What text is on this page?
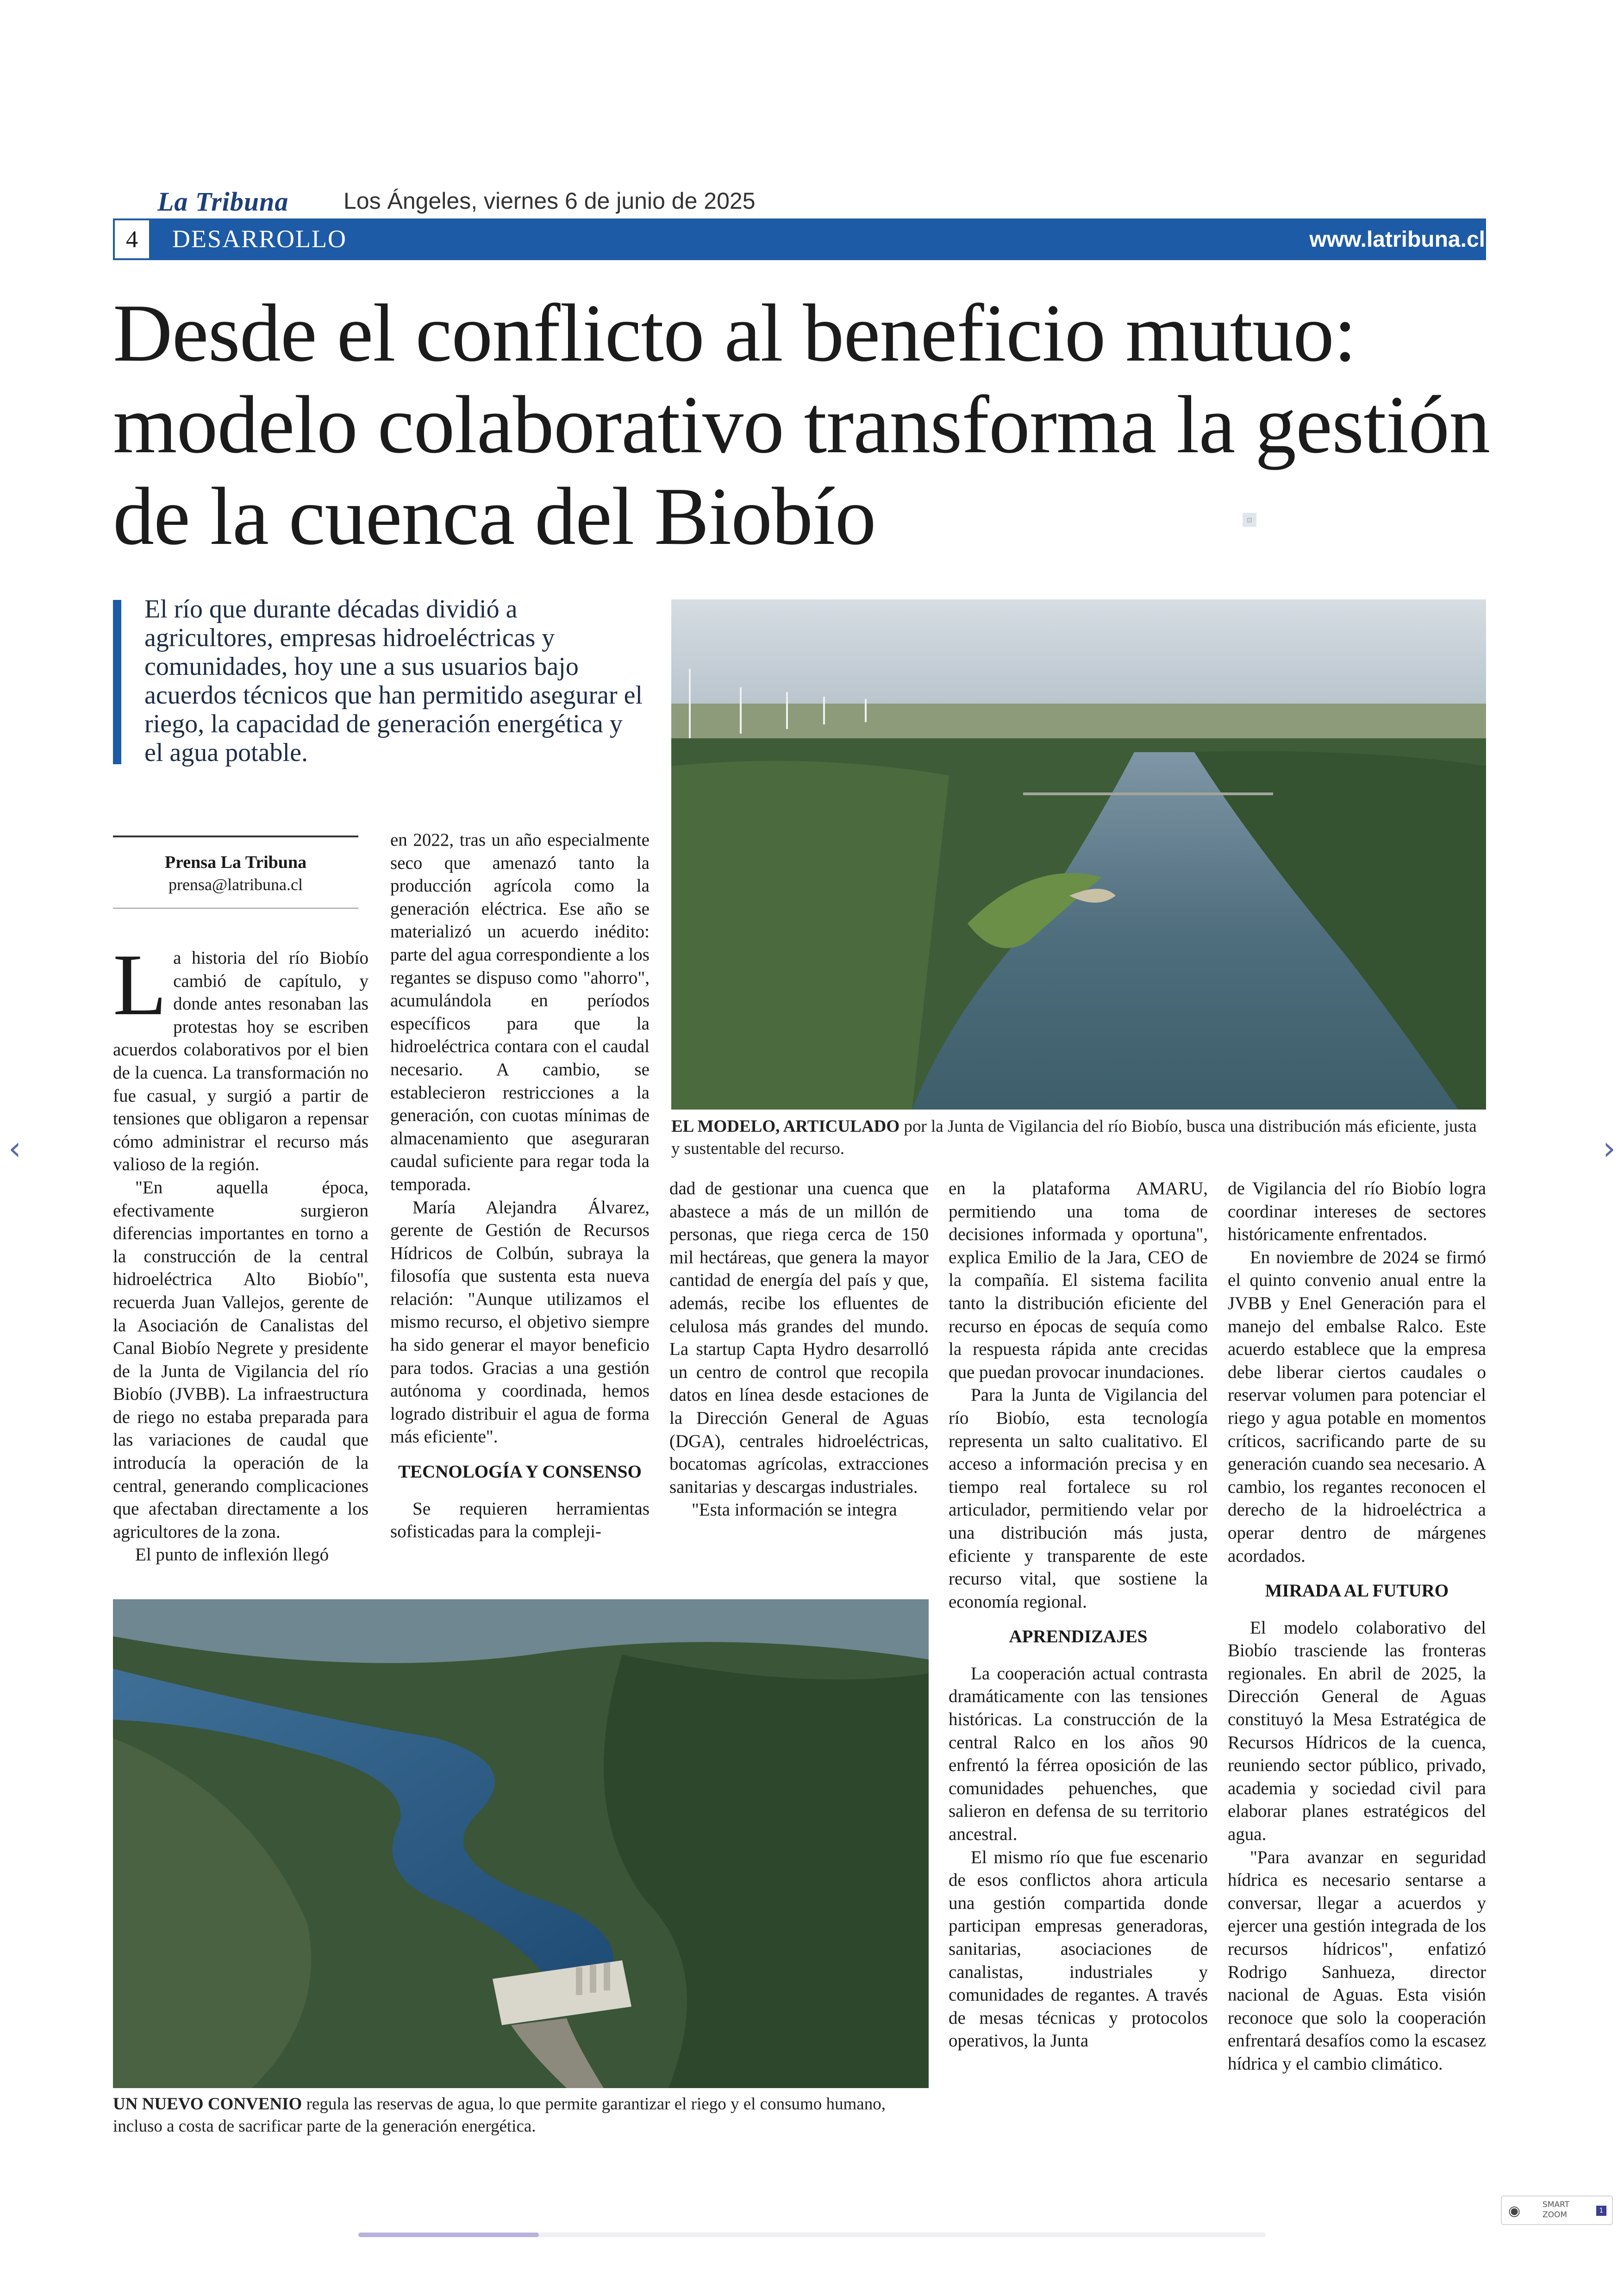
La Tribuna Los Ángeles, viernes 6 de junio de 2025
4	DESARROLLO	www.latribuna.cl
Desde el conflicto al beneficio mutuo: modelo colaborativo transforma la gestión de la cuenca del Biobío	⊡
El río que durante décadas dividió a agricultores, empresas hidroeléctricas y comunidades, hoy une a sus usuarios bajo acuerdos técnicos que han permitido asegurar el riego, la capacidad de generación energética y el agua potable.
EL MODELO, ARTICULADO por la Junta de Vigilancia del río Biobío, busca una distribución más eficiente, justa y sustentable del recurso.
Prensa La Tribuna
prensa@latribuna.cl

La historia del río Biobío cambió de capítulo, y donde antes resonaban las protestas hoy se escriben acuerdos colaborativos por el bien de la cuenca. La transformación no fue casual, y surgió a partir de tensiones que obligaron a repensar cómo administrar el recurso más valioso de la región.

"En aquella época, efectivamente surgieron diferencias importantes en torno a la construcción de la central hidroeléctrica Alto Biobío", recuerda Juan Vallejos, gerente de la Asociación de Canalistas del Canal Biobío Negrete y presidente de la Junta de Vigilancia del río Biobío (JVBB). La infraestructura de riego no estaba preparada para las variaciones de caudal que introducía la operación de la central, generando complicaciones que afectaban directamente a los agricultores de la zona.

El punto de inflexión llegó

en 2022, tras un año especialmente seco que amenazó tanto la producción agrícola como la generación eléctrica. Ese año se materializó un acuerdo inédito: parte del agua correspondiente a los regantes se dispuso como "ahorro", acumulándola en períodos específicos para que la hidroeléctrica contara con el caudal necesario. A cambio, se establecieron restricciones a la generación, con cuotas mínimas de almacenamiento que aseguraran caudal suficiente para regar toda la temporada.

María Alejandra Álvarez, gerente de Gestión de Recursos Hídricos de Colbún, subraya la filosofía que sustenta esta nueva relación: "Aunque utilizamos el mismo recurso, el objetivo siempre ha sido generar el mayor beneficio para todos. Gracias a una gestión autónoma y coordinada, hemos logrado distribuir el agua de forma más eficiente".

TECNOLOGÍA Y CONSENSO

Se requieren herramientas sofisticadas para la compleji-

dad de gestionar una cuenca que abastece a más de un millón de personas, que riega cerca de 150 mil hectáreas, que genera la mayor cantidad de energía del país y que, además, recibe los efluentes de celulosa más grandes del mundo. La startup Capta Hydro desarrolló un centro de control que recopila datos en línea desde estaciones de la Dirección General de Aguas (DGA), centrales hidroeléctricas, bocatomas agrícolas, extracciones sanitarias y descargas industriales.

"Esta información se integra

en la plataforma AMARU, permitiendo una toma de decisiones informada y oportuna", explica Emilio de la Jara, CEO de la compañía. El sistema facilita tanto la distribución eficiente del recurso en épocas de sequía como la respuesta rápida ante crecidas que puedan provocar inundaciones.

Para la Junta de Vigilancia del río Biobío, esta tecnología representa un salto cualitativo. El acceso a información precisa y en tiempo real fortalece su rol articulador, permitiendo velar por una distribución más justa, eficiente y transparente de este recurso vital, que sostiene la economía regional.

APRENDIZAJES

La cooperación actual contrasta dramáticamente con las tensiones históricas. La construcción de la central Ralco en los años 90 enfrentó la férrea oposición de las comunidades pehuenches, que salieron en defensa de su territorio ancestral.

El mismo río que fue escenario de esos conflictos ahora articula una gestión compartida donde participan empresas generadoras, sanitarias, asociaciones de canalistas, industriales y comunidades de regantes. A través de mesas técnicas y protocolos operativos, la Junta

de Vigilancia del río Biobío logra coordinar intereses de sectores históricamente enfrentados.

En noviembre de 2024 se firmó el quinto convenio anual entre la JVBB y Enel Generación para el manejo del embalse Ralco. Este acuerdo establece que la empresa debe liberar ciertos caudales o reservar volumen para potenciar el riego y agua potable en momentos críticos, sacrificando parte de su generación cuando sea necesario. A cambio, los regantes reconocen el derecho de la hidroeléctrica a operar dentro de márgenes acordados.

MIRADA AL FUTURO

El modelo colaborativo del Biobío trasciende las fronteras regionales. En abril de 2025, la Dirección General de Aguas constituyó la Mesa Estratégica de Recursos Hídricos de la cuenca, reuniendo sector público, privado, academia y sociedad civil para elaborar planes estratégicos del agua.

"Para avanzar en seguridad hídrica es necesario sentarse a conversar, llegar a acuerdos y ejercer una gestión integrada de los recursos hídricos", enfatizó Rodrigo Sanhueza, director nacional de Aguas. Esta visión reconoce que solo la cooperación enfrentará desafíos como la escasez hídrica y el cambio climático.

UN NUEVO CONVENIO regula las reservas de agua, lo que permite garantizar el riego y el consumo humano, incluso a costa de sacrificar parte de la generación energética.
‹	›
◉	SMART
ZOOM	1
